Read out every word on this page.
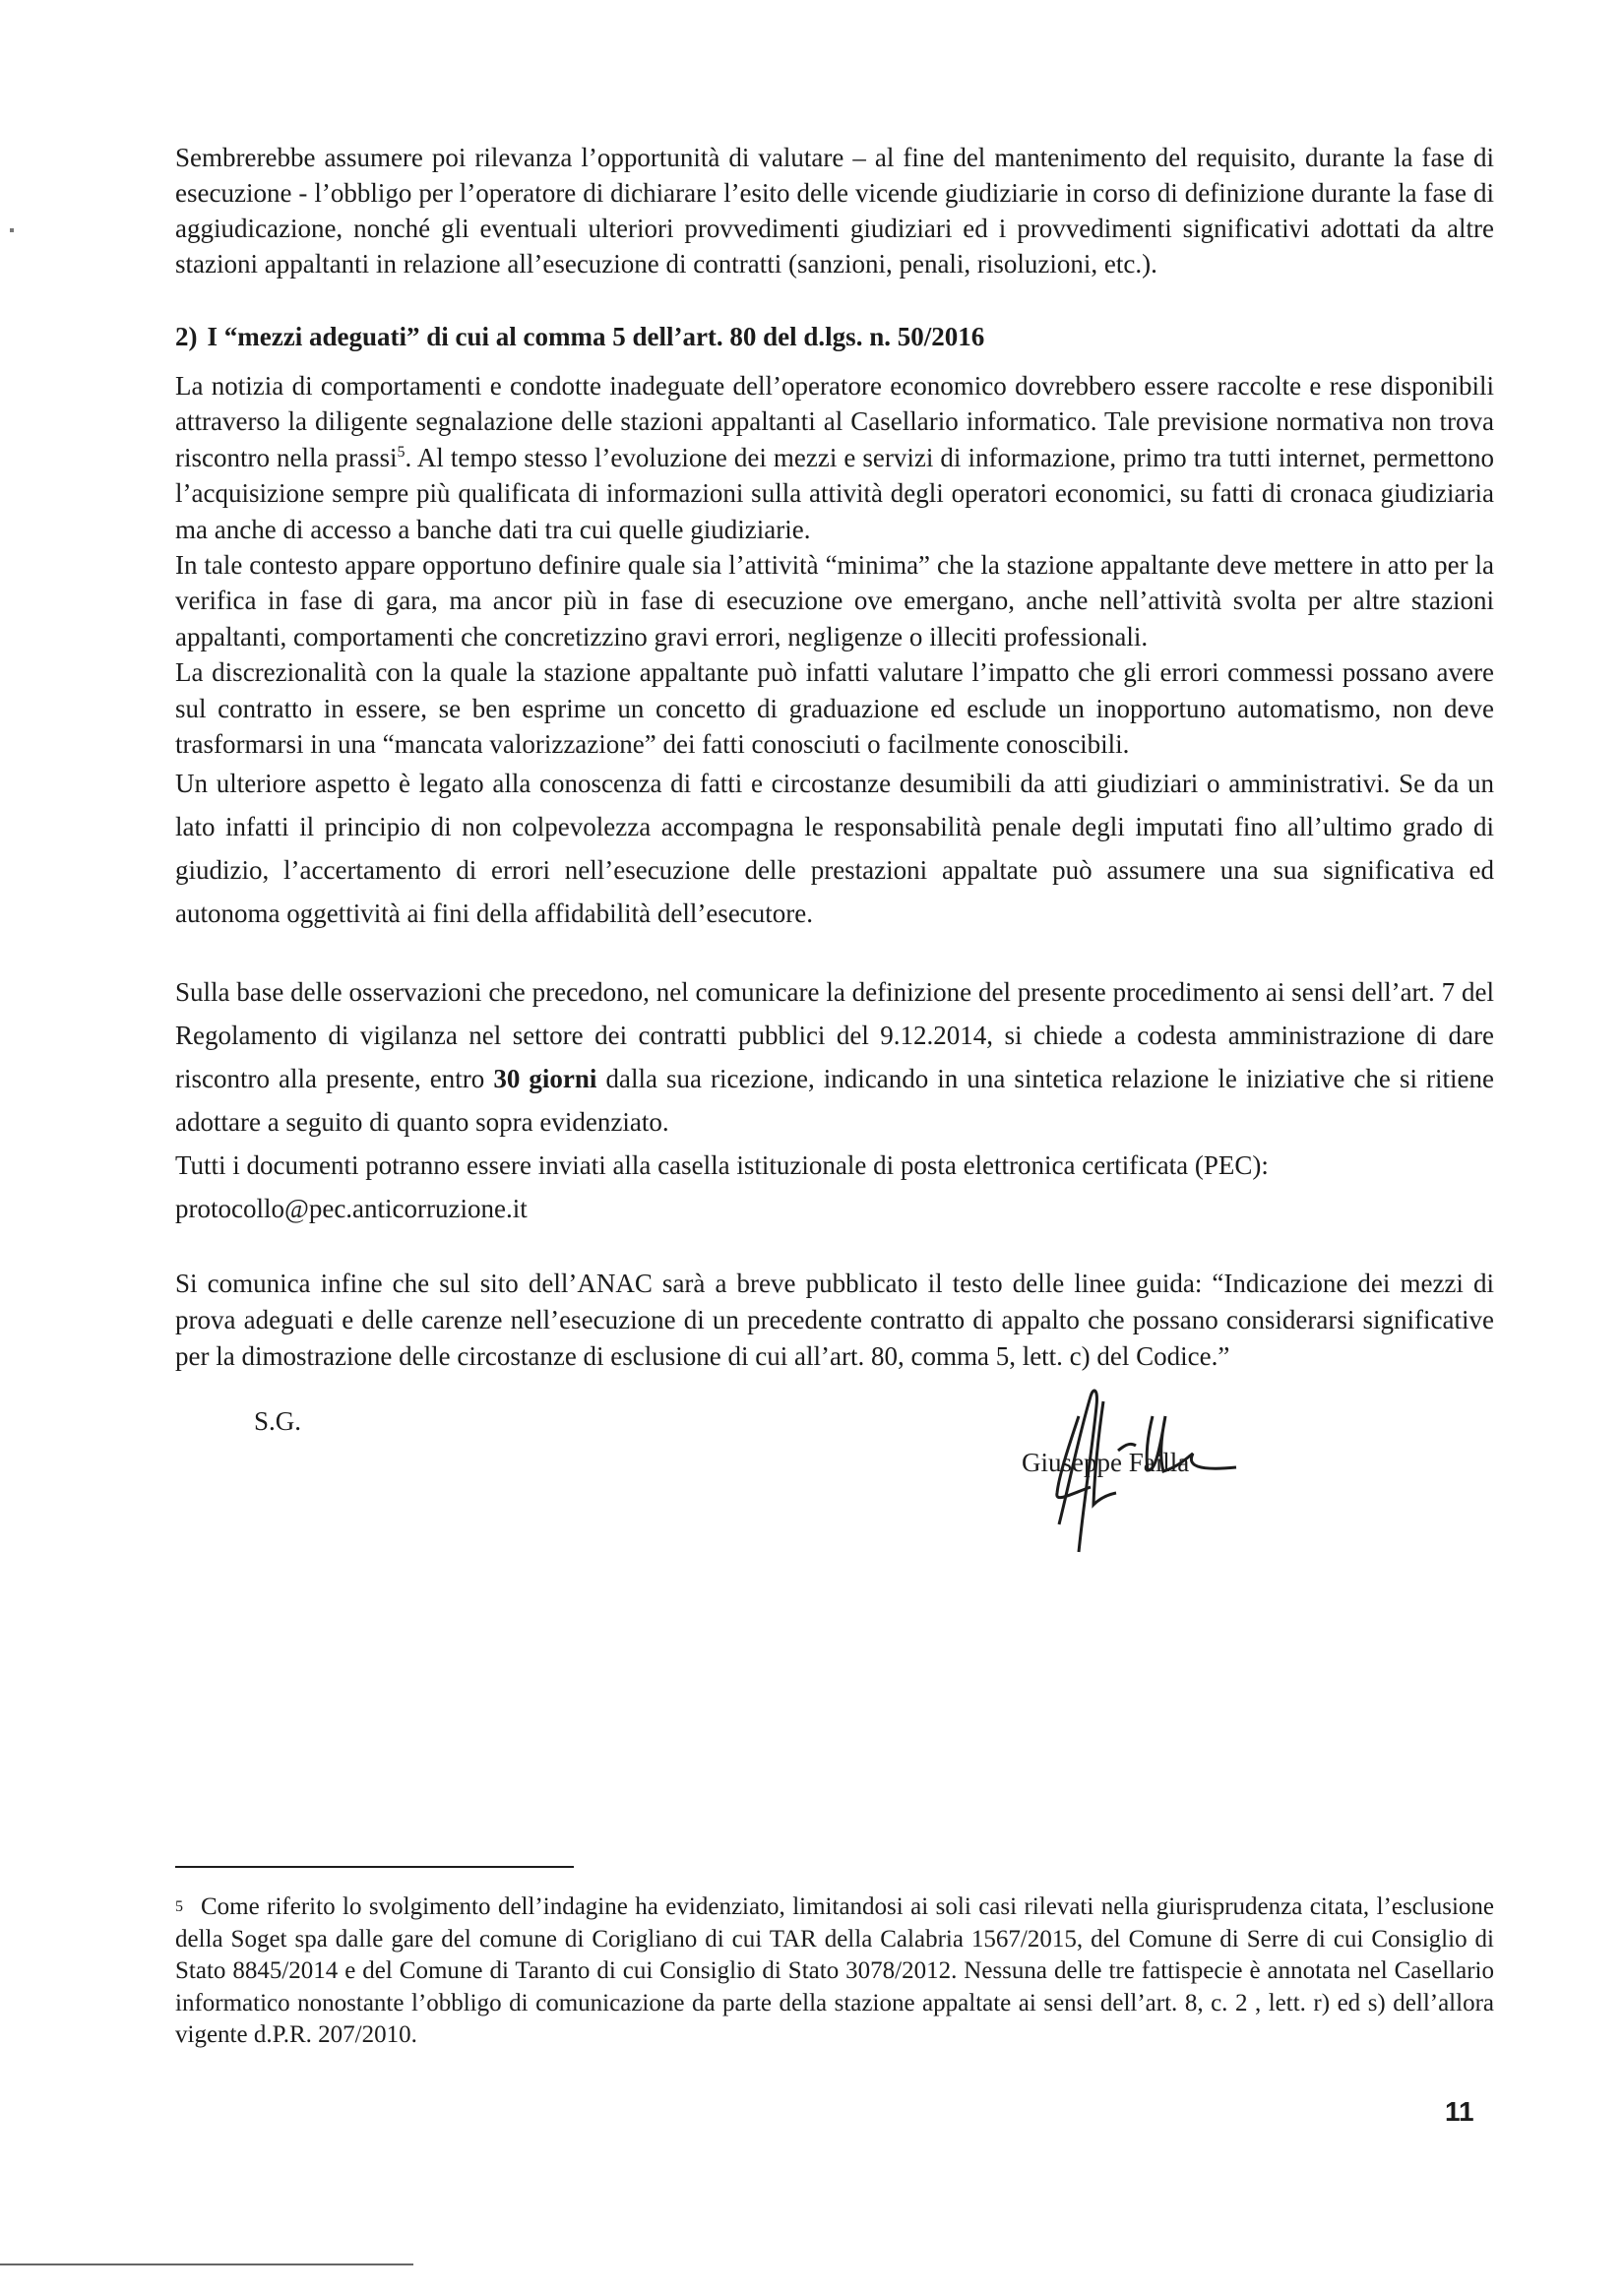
Sembrerebbe assumere poi rilevanza l’opportunità di valutare – al fine del mantenimento del requisito, durante la fase di esecuzione - l’obbligo per l’operatore di dichiarare l’esito delle vicende giudiziarie in corso di definizione durante la fase di aggiudicazione, nonché gli eventuali ulteriori provvedimenti giudiziari ed i provvedimenti significativi adottati da altre stazioni appaltanti in relazione all’esecuzione di contratti (sanzioni, penali, risoluzioni, etc.).

2) I “mezzi adeguati” di cui al comma 5 dell’art. 80 del d.lgs. n. 50/2016

La notizia di comportamenti e condotte inadeguate dell’operatore economico dovrebbero essere raccolte e rese disponibili attraverso la diligente segnalazione delle stazioni appaltanti al Casellario informatico. Tale previsione normativa non trova riscontro nella prassi$^5$. Al tempo stesso l’evoluzione dei mezzi e servizi di informazione, primo tra tutti internet, permettono l’acquisizione sempre più qualificata di informazioni sulla attività degli operatori economici, su fatti di cronaca giudiziaria ma anche di accesso a banche dati tra cui quelle giudiziarie.

In tale contesto appare opportuno definire quale sia l’attività “minima” che la stazione appaltante deve mettere in atto per la verifica in fase di gara, ma ancor più in fase di esecuzione ove emergano, anche nell’attività svolta per altre stazioni appaltanti, comportamenti che concretizzino gravi errori, negligenze o illeciti professionali.

La discrezionalità con la quale la stazione appaltante può infatti valutare l’impatto che gli errori commessi possano avere sul contratto in essere, se ben esprime un concetto di graduazione ed esclude un inopportuno automatismo, non deve trasformarsi in una “mancata valorizzazione” dei fatti conosciuti o facilmente conoscibili.

Un ulteriore aspetto è legato alla conoscenza di fatti e circostanze desumibili da atti giudiziari o amministrativi. Se da un lato infatti il principio di non colpevolezza accompagna le responsabilità penale degli imputati fino all’ultimo grado di giudizio, l’accertamento di errori nell’esecuzione delle prestazioni appaltate può assumere una sua significativa ed autonoma oggettività ai fini della affidabilità dell’esecutore.

Sulla base delle osservazioni che precedono, nel comunicare la definizione del presente procedimento ai sensi dell’art. 7 del Regolamento di vigilanza nel settore dei contratti pubblici del 9.12.2014, si chiede a codesta amministrazione di dare riscontro alla presente, entro 30 giorni dalla sua ricezione, indicando in una sintetica relazione le iniziative che si ritiene adottare a seguito di quanto sopra evidenziato.

Tutti i documenti potranno essere inviati alla casella istituzionale di posta elettronica certificata (PEC):

protocollo@pec.anticorruzione.it

Si comunica infine che sul sito dell’ANAC sarà a breve pubblicato il testo delle linee guida: “Indicazione dei mezzi di prova adeguati e delle carenze nell’esecuzione di un precedente contratto di appalto che possano considerarsi significative per la dimostrazione delle circostanze di esclusione di cui all’art. 80, comma 5, lett. c) del Codice.”

S.G.
Giuseppe Failla

$^5$ Come riferito lo svolgimento dell’indagine ha evidenziato, limitandosi ai soli casi rilevati nella giurisprudenza citata, l’esclusione della Soget spa dalle gare del comune di Corigliano di cui TAR della Calabria 1567/2015, del Comune di Serre di cui Consiglio di Stato 8845/2014 e del Comune di Taranto di cui Consiglio di Stato 3078/2012. Nessuna delle tre fattispecie è annotata nel Casellario informatico nonostante l’obbligo di comunicazione da parte della stazione appaltate ai sensi dell’art. 8, c. 2 , lett. r) ed s) dell’allora vigente d.P.R. 207/2010.

11
